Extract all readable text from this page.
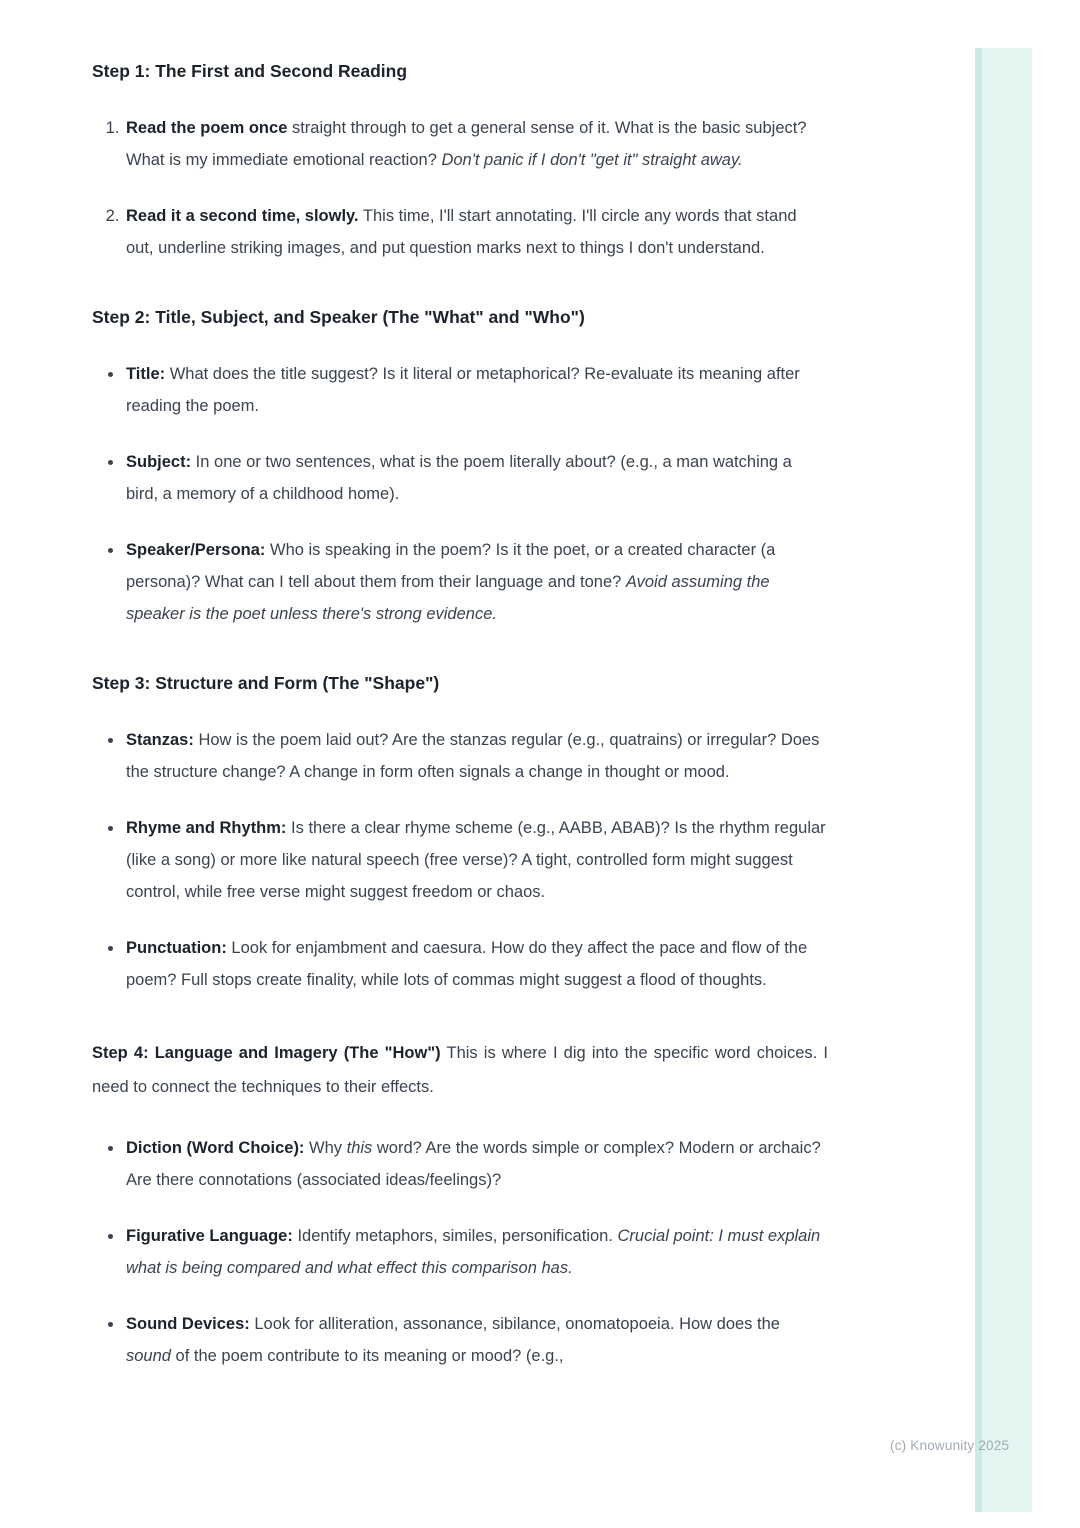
(c) Knowunity 2025
Step 1: The First and Second Reading
1. Read the poem once straight through to get a general sense of it. What is the basic subject? What is my immediate emotional reaction? Don't panic if I don't "get it" straight away.
2. Read it a second time, slowly. This time, I'll start annotating. I'll circle any words that stand out, underline striking images, and put question marks next to things I don't understand.
Step 2: Title, Subject, and Speaker (The "What" and "Who")
• Title: What does the title suggest? Is it literal or metaphorical? Re-evaluate its meaning after reading the poem.
• Subject: In one or two sentences, what is the poem literally about? (e.g., a man watching a bird, a memory of a childhood home).
• Speaker/Persona: Who is speaking in the poem? Is it the poet, or a created character (a persona)? What can I tell about them from their language and tone? Avoid assuming the speaker is the poet unless there's strong evidence.
Step 3: Structure and Form (The "Shape")
• Stanzas: How is the poem laid out? Are the stanzas regular (e.g., quatrains) or irregular? Does the structure change? A change in form often signals a change in thought or mood.
• Rhyme and Rhythm: Is there a clear rhyme scheme (e.g., AABB, ABAB)? Is the rhythm regular (like a song) or more like natural speech (free verse)? A tight, controlled form might suggest control, while free verse might suggest freedom or chaos.
• Punctuation: Look for enjambment and caesura. How do they affect the pace and flow of the poem? Full stops create finality, while lots of commas might suggest a flood of thoughts.

Step 4: Language and Imagery (The "How") This is where I dig into the specific word choices. I need to connect the techniques to their effects.

• Diction (Word Choice): Why this word? Are the words simple or complex? Modern or archaic? Are there connotations (associated ideas/feelings)?
• Figurative Language: Identify metaphors, similes, personification. Crucial point: I must explain what is being compared and what effect this comparison has.
• Sound Devices: Look for alliteration, assonance, sibilance, onomatopoeia. How does the sound of the poem contribute to its meaning or mood? (e.g.,
